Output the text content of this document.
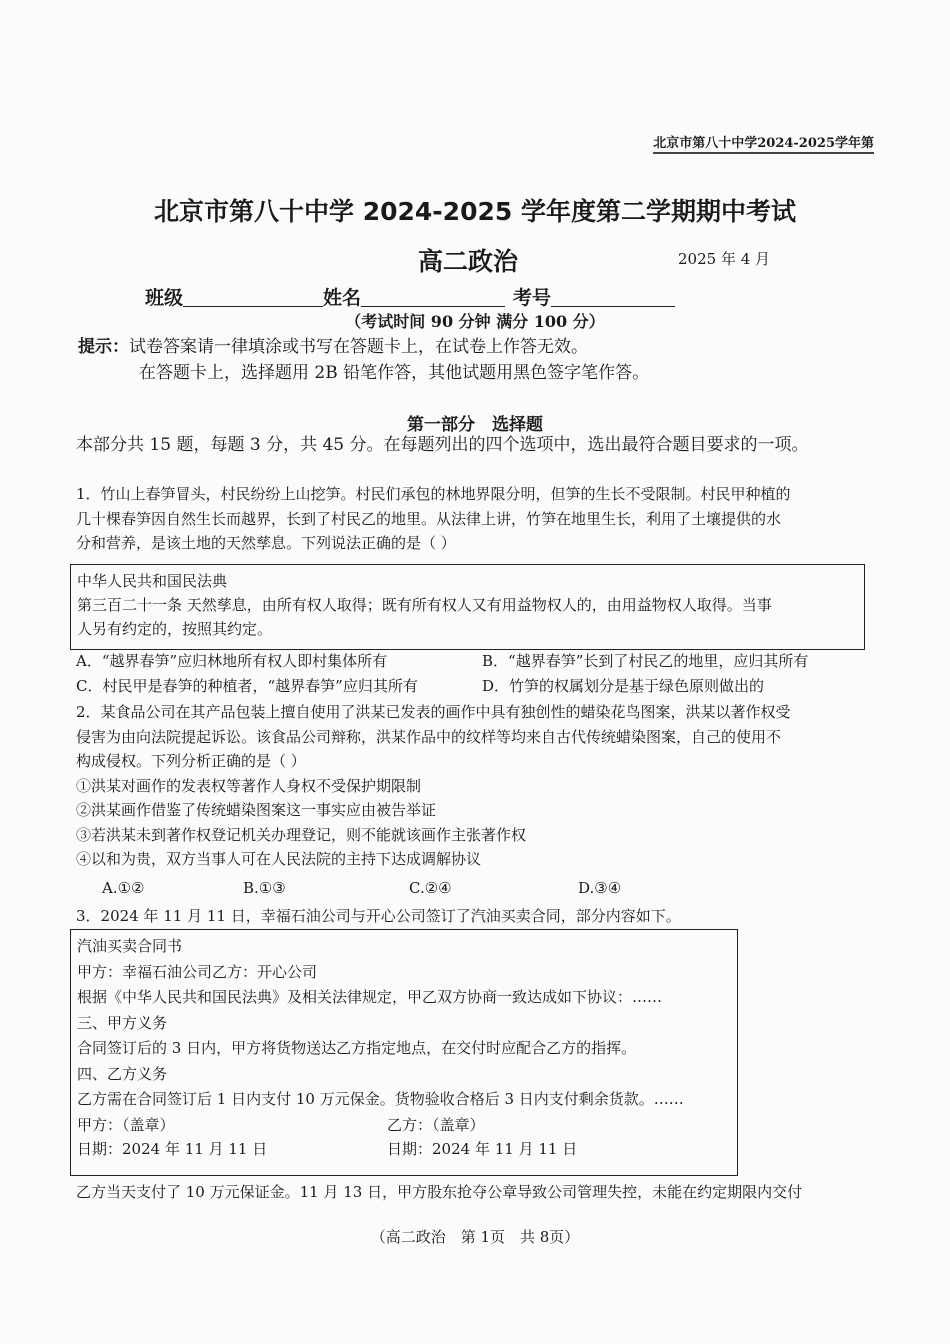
北京市第八十中学2024-2025学年第
北京市第八十中学 2024-2025 学年度第二学期期中考试
高二政治	2025 年 4 月
班级	姓名	考号
（考试时间 90 分钟 满分 100 分）
提示：试卷答案请一律填涂或书写在答题卡上，在试卷上作答无效。
在答题卡上，选择题用 2B 铅笔作答，其他试题用黑色签字笔作答。
第一部分　选择题
本部分共 15 题，每题 3 分，共 45 分。在每题列出的四个选项中，选出最符合题目要求的一项。
1．竹山上春笋冒头，村民纷纷上山挖笋。村民们承包的林地界限分明，但笋的生长不受限制。村民甲种植的
几十棵春笋因自然生长而越界，长到了村民乙的地里。从法律上讲，竹笋在地里生长，利用了土壤提供的水
分和营养，是该土地的天然孳息。下列说法正确的是（ ）
中华人民共和国民法典
第三百二十一条 天然孳息，由所有权人取得；既有所有权人又有用益物权人的，由用益物权人取得。当事
人另有约定的，按照其约定。
A．“越界春笋”应归林地所有权人即村集体所有	B．“越界春笋”长到了村民乙的地里，应归其所有
C．村民甲是春笋的种植者，“越界春笋”应归其所有	D．竹笋的权属划分是基于绿色原则做出的
2．某食品公司在其产品包装上擅自使用了洪某已发表的画作中具有独创性的蜡染花鸟图案，洪某以著作权受
侵害为由向法院提起诉讼。该食品公司辩称，洪某作品中的纹样等均来自古代传统蜡染图案，自己的使用不
构成侵权。下列分析正确的是（ ）
①洪某对画作的发表权等著作人身权不受保护期限制
②洪某画作借鉴了传统蜡染图案这一事实应由被告举证
③若洪某未到著作权登记机关办理登记，则不能就该画作主张著作权
④以和为贵，双方当事人可在人民法院的主持下达成调解协议
A.①②	B.①③	C.②④	D.③④
3．2024 年 11 月 11 日，幸福石油公司与开心公司签订了汽油买卖合同，部分内容如下。
汽油买卖合同书
甲方：幸福石油公司乙方：开心公司
根据《中华人民共和国民法典》及相关法律规定，甲乙双方协商一致达成如下协议：……
三、甲方义务
合同签订后的 3 日内，甲方将货物送达乙方指定地点，在交付时应配合乙方的指挥。
四、乙方义务
乙方需在合同签订后 1 日内支付 10 万元保金。货物验收合格后 3 日内支付剩余货款。……
甲方：（盖章）	乙方：（盖章）
日期：2024 年 11 月 11 日	日期：2024 年 11 月 11 日
乙方当天支付了 10 万元保证金。11 月 13 日，甲方股东抢夺公章导致公司管理失控，未能在约定期限内交付
（高二政治　第 1页　共 8页）
